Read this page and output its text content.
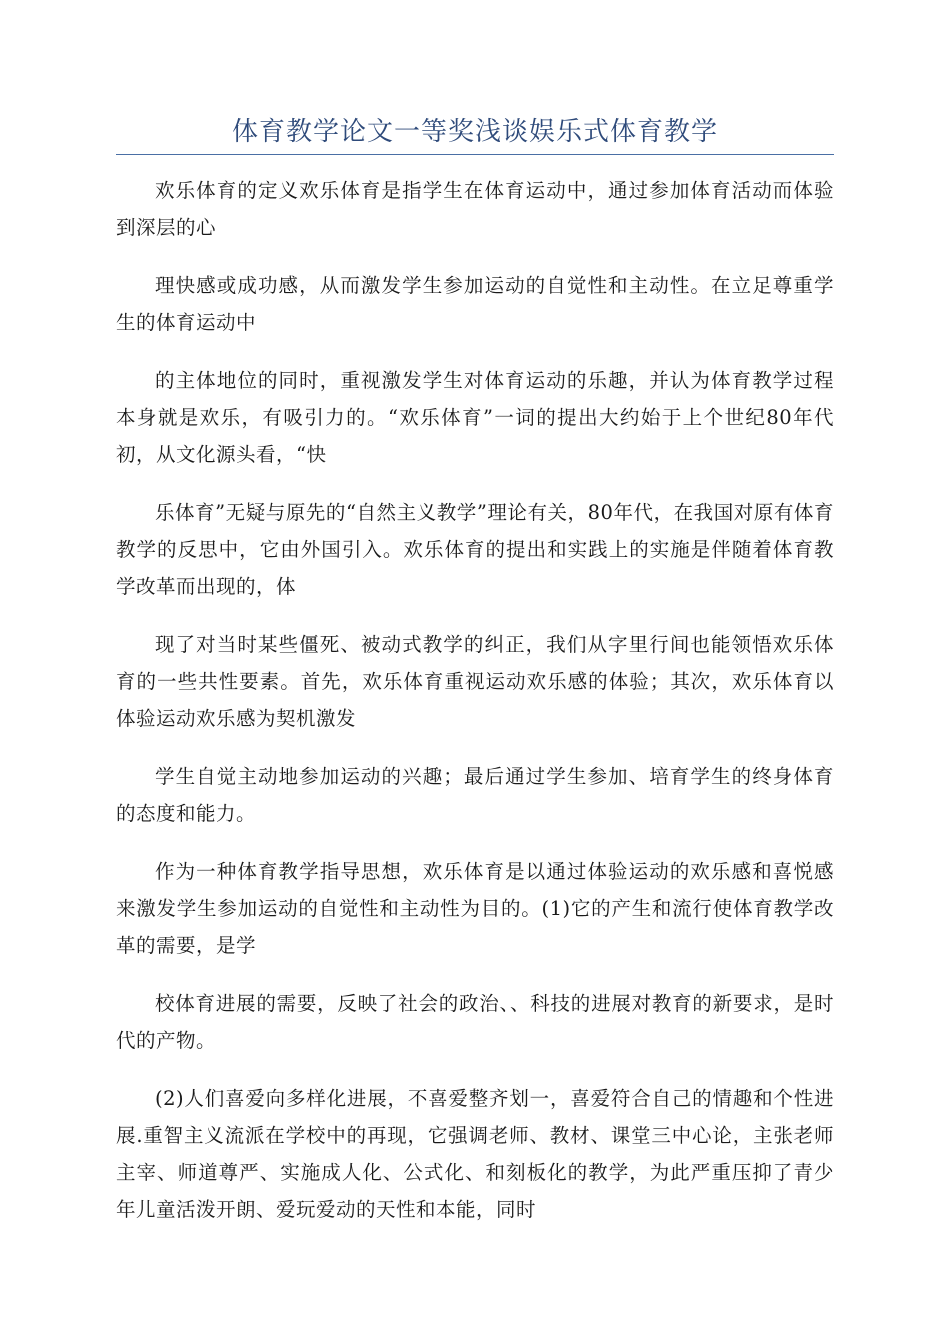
体育教学论文一等奖浅谈娱乐式体育教学

欢乐体育的定义欢乐体育是指学生在体育运动中，通过参加体育活动而体验到深层的心

理快感或成功感，从而激发学生参加运动的自觉性和主动性。在立足尊重学生的体育运动中

的主体地位的同时，重视激发学生对体育运动的乐趣，并认为体育教学过程本身就是欢乐，有吸引力的。“欢乐体育”一词的提出大约始于上个世纪80年代初，从文化源头看，“快

乐体育”无疑与原先的“自然主义教学”理论有关，80年代，在我国对原有体育教学的反思中，它由外国引入。欢乐体育的提出和实践上的实施是伴随着体育教学改革而出现的，体

现了对当时某些僵死、被动式教学的纠正，我们从字里行间也能领悟欢乐体育的一些共性要素。首先，欢乐体育重视运动欢乐感的体验；其次，欢乐体育以体验运动欢乐感为契机激发

学生自觉主动地参加运动的兴趣；最后通过学生参加、培育学生的终身体育的态度和能力。

作为一种体育教学指导思想，欢乐体育是以通过体验运动的欢乐感和喜悦感来激发学生参加运动的自觉性和主动性为目的。(1)它的产生和流行使体育教学改革的需要，是学

校体育进展的需要，反映了社会的政治、、科技的进展对教育的新要求，是时代的产物。

(2)人们喜爱向多样化进展，不喜爱整齐划一，喜爱符合自己的情趣和个性进展.重智主义流派在学校中的再现，它强调老师、教材、课堂三中心论，主张老师主宰、师道尊严、实施成人化、公式化、和刻板化的教学，为此严重压抑了青少年儿童活泼开朗、爱玩爱动的天性和本能，同时
